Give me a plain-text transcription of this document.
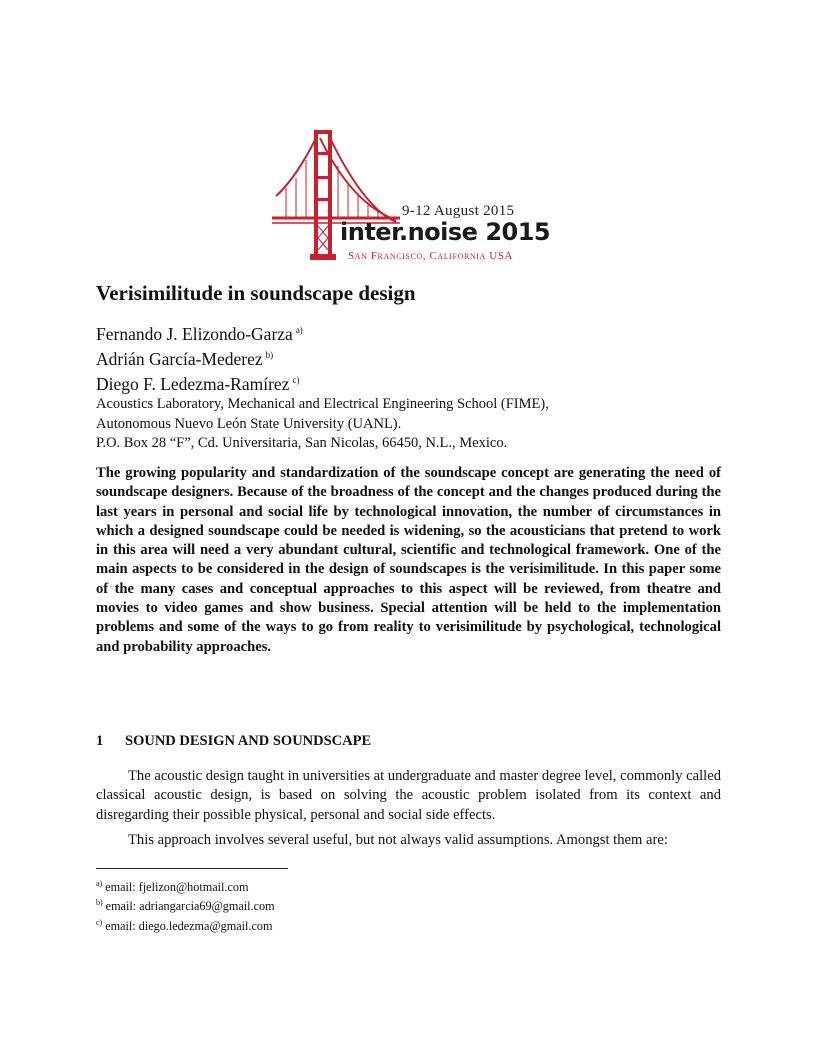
9-12 August 2015
inter.noise 2015
San Francisco, California USA
Verisimilitude in soundscape design
Fernando J. Elizondo-Garza $^{a)}$
Adrián García-Mederez $^{b)}$
Diego F. Ledezma-Ramírez $^{c)}$
Acoustics Laboratory, Mechanical and Electrical Engineering School (FIME),
Autonomous Nuevo León State University (UANL).
P.O. Box 28 “F”, Cd. Universitaria, San Nicolas, 66450, N.L., Mexico.

The growing popularity and standardization of the soundscape concept are generating the need of soundscape designers. Because of the broadness of the concept and the changes produced during the last years in personal and social life by technological innovation, the number of circumstances in which a designed soundscape could be needed is widening, so the acousticians that pretend to work in this area will need a very abundant cultural, scientific and technological framework. One of the main aspects to be considered in the design of soundscapes is the verisimilitude. In this paper some of the many cases and conceptual approaches to this aspect will be reviewed, from theatre and movies to video games and show business. Special attention will be held to the implementation problems and some of the ways to go from reality to verisimilitude by psychological, technological and probability approaches.

1 SOUND DESIGN AND SOUNDSCAPE

The acoustic design taught in universities at undergraduate and master degree level, commonly called classical acoustic design, is based on solving the acoustic problem isolated from its context and disregarding their possible physical, personal and social side effects.

This approach involves several useful, but not always valid assumptions. Amongst them are:

$^{a)}$ email: fjelizon@hotmail.com
$^{b)}$ email: adriangarcia69@gmail.com
$^{c)}$ email: diego.ledezma@gmail.com
